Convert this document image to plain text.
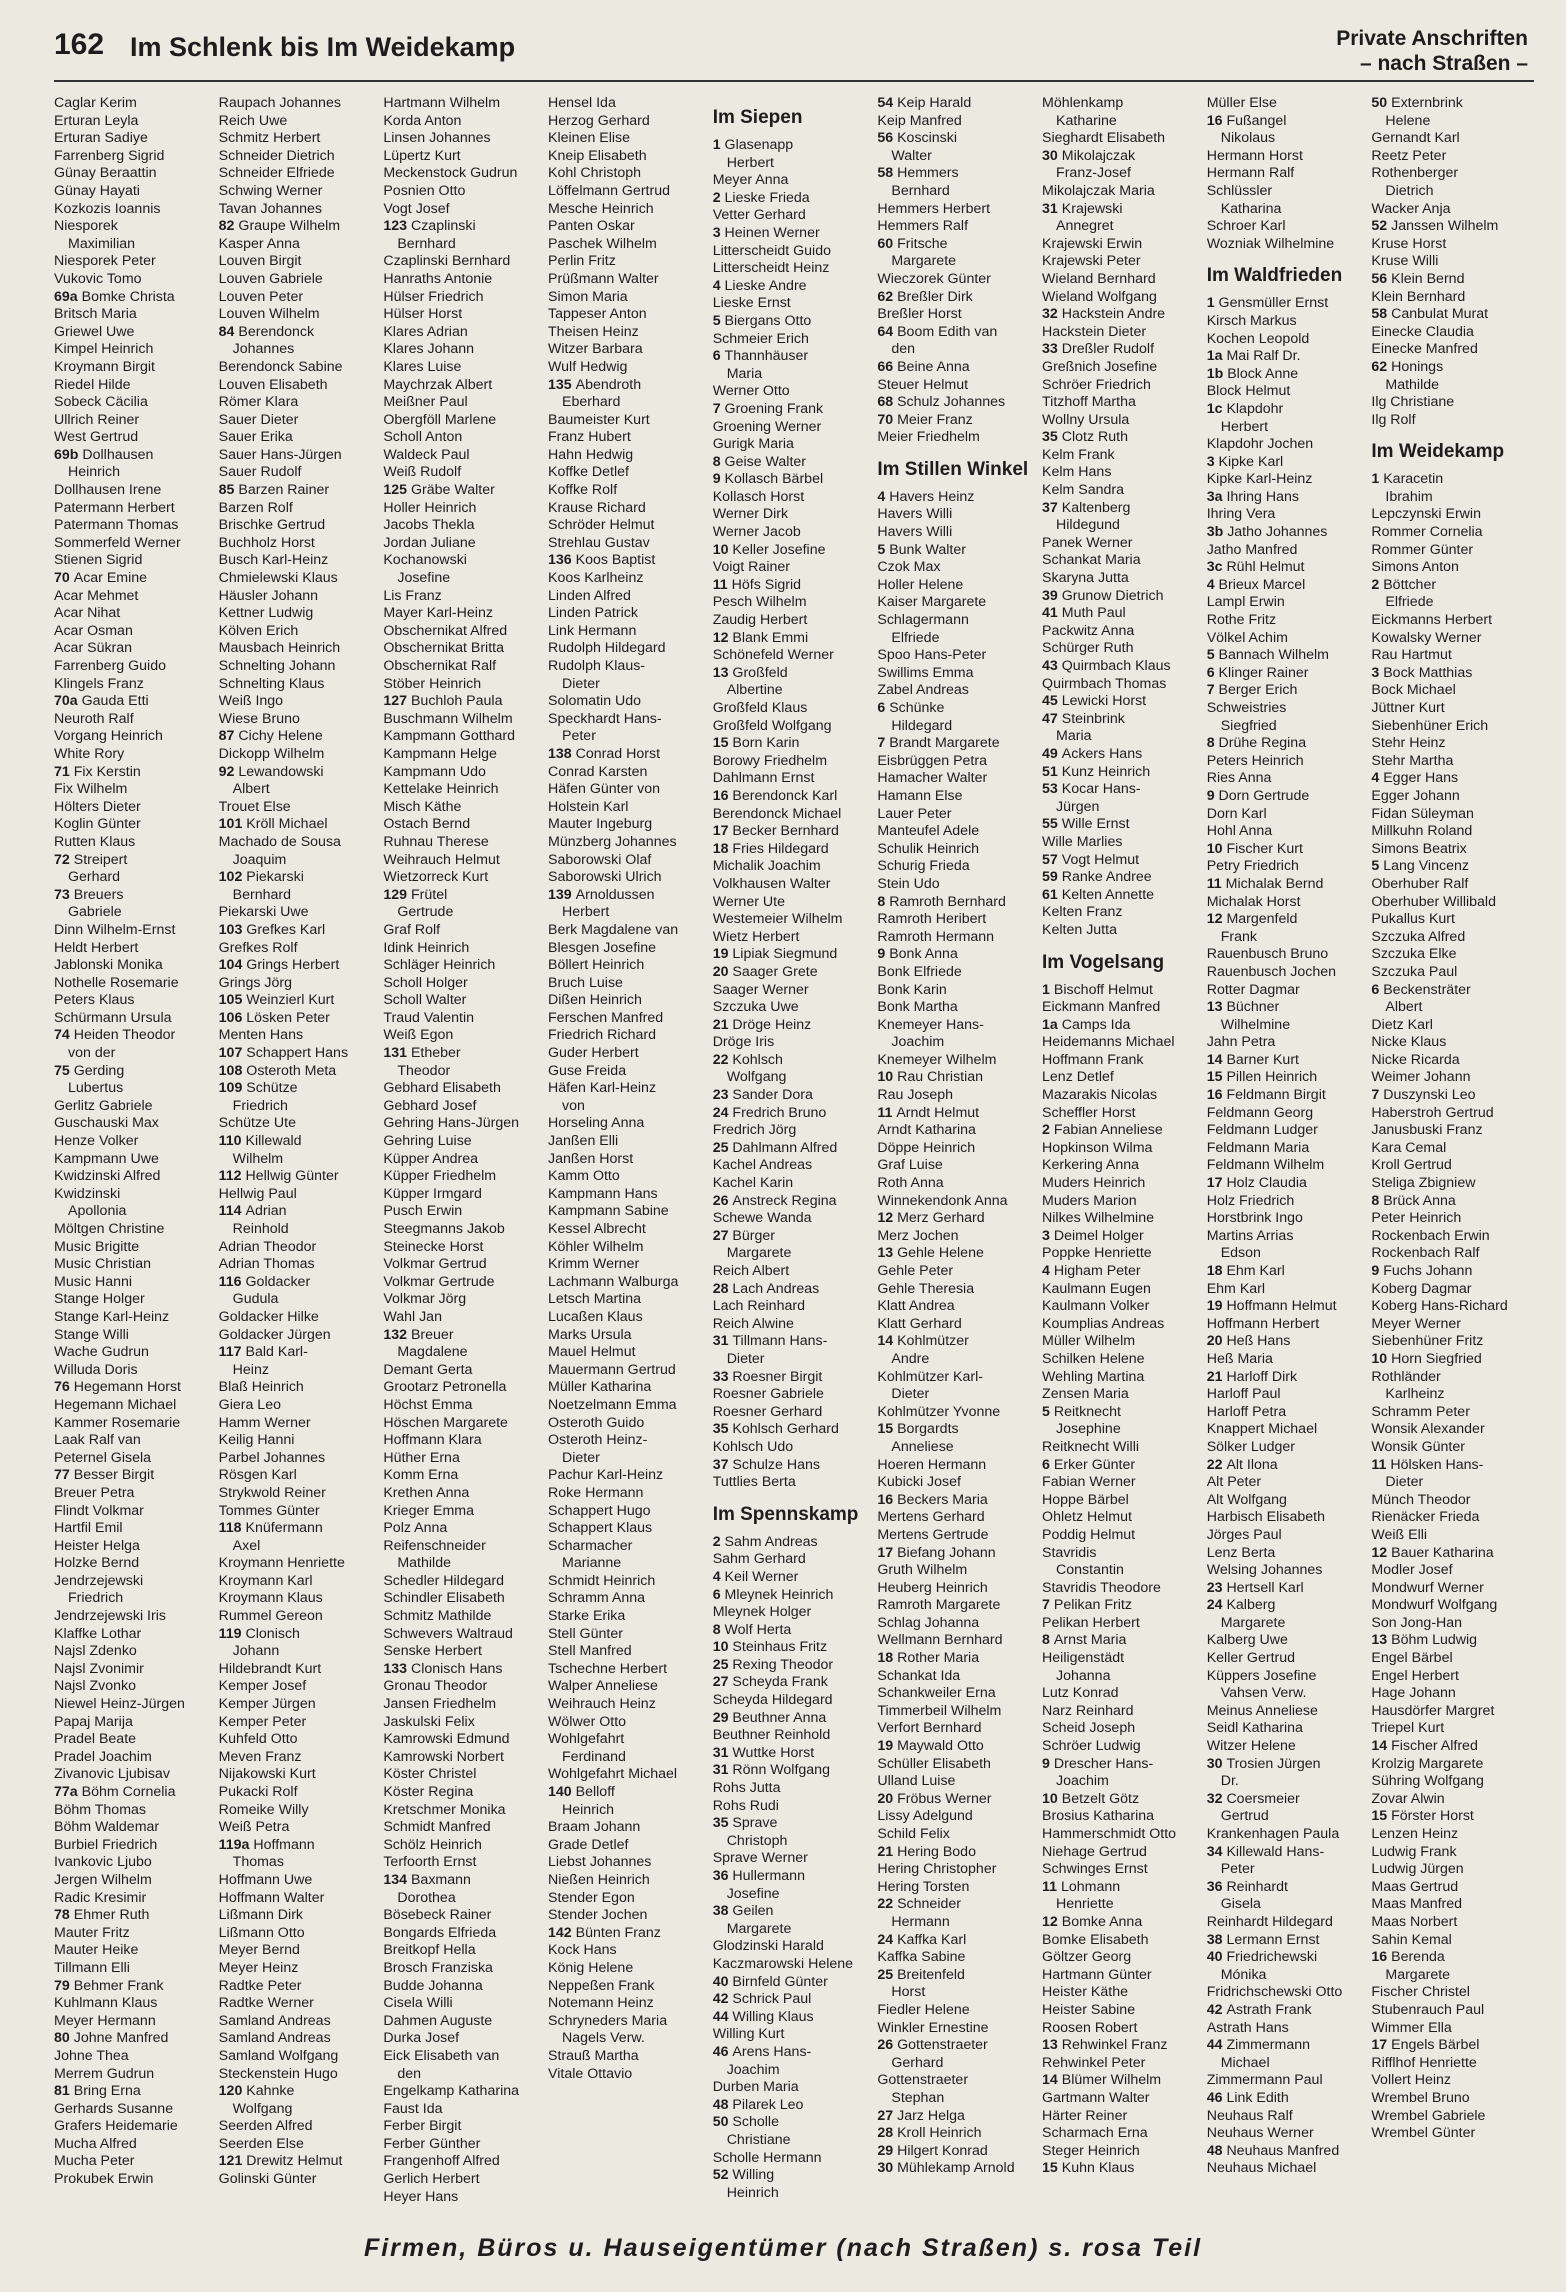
162 Im Schlenk bis Im Weidekamp	Private Anschriften
– nach Straßen –
Caglar Kerim
Erturan Leyla
Erturan Sadiye
Farrenberg Sigrid
Günay Beraattin
Günay Hayati
Kozkozis Ioannis
Niesporek
Maximilian
Niesporek Peter
Vukovic Tomo
69a Bomke Christa
Britsch Maria
Griewel Uwe
Kimpel Heinrich
Kroymann Birgit
Riedel Hilde
Sobeck Cäcilia
Ullrich Reiner
West Gertrud
69b Dollhausen
Heinrich
Dollhausen Irene
Patermann Herbert
Patermann Thomas
Sommerfeld Werner
Stienen Sigrid
70 Acar Emine
Acar Mehmet
Acar Nihat
Acar Osman
Acar Sükran
Farrenberg Guido
Klingels Franz
70a Gauda Etti
Neuroth Ralf
Vorgang Heinrich
White Rory
71 Fix Kerstin
Fix Wilhelm
Hölters Dieter
Koglin Günter
Rutten Klaus
72 Streipert
Gerhard
73 Breuers
Gabriele
Dinn Wilhelm-Ernst
Heldt Herbert
Jablonski Monika
Nothelle Rosemarie
Peters Klaus
Schürmann Ursula
74 Heiden Theodor
von der
75 Gerding
Lubertus
Gerlitz Gabriele
Guschauski Max
Henze Volker
Kampmann Uwe
Kwidzinski Alfred
Kwidzinski
Apollonia
Möltgen Christine
Music Brigitte
Music Christian
Music Hanni
Stange Holger
Stange Karl-Heinz
Stange Willi
Wache Gudrun
Willuda Doris
76 Hegemann Horst
Hegemann Michael
Kammer Rosemarie
Laak Ralf van
Peternel Gisela
77 Besser Birgit
Breuer Petra
Flindt Volkmar
Hartfil Emil
Heister Helga
Holzke Bernd
Jendrzejewski
Friedrich
Jendrzejewski Iris
Klaffke Lothar
Najsl Zdenko
Najsl Zvonimir
Najsl Zvonko
Niewel Heinz-Jürgen
Papaj Marija
Pradel Beate
Pradel Joachim
Zivanovic Ljubisav
77a Böhm Cornelia
Böhm Thomas
Böhm Waldemar
Burbiel Friedrich
Ivankovic Ljubo
Jergen Wilhelm
Radic Kresimir
78 Ehmer Ruth
Mauter Fritz
Mauter Heike
Tillmann Elli
79 Behmer Frank
Kuhlmann Klaus
Meyer Hermann
80 Johne Manfred
Johne Thea
Merrem Gudrun
81 Bring Erna
Gerhards Susanne
Grafers Heidemarie
Mucha Alfred
Mucha Peter
Prokubek Erwin
Raupach Johannes
Reich Uwe
Schmitz Herbert
Schneider Dietrich
Schneider Elfriede
Schwing Werner
Tavan Johannes
82 Graupe Wilhelm
Kasper Anna
Louven Birgit
Louven Gabriele
Louven Peter
Louven Wilhelm
84 Berendonck
Johannes
Berendonck Sabine
Louven Elisabeth
Römer Klara
Sauer Dieter
Sauer Erika
Sauer Hans-Jürgen
Sauer Rudolf
85 Barzen Rainer
Barzen Rolf
Brischke Gertrud
Buchholz Horst
Busch Karl-Heinz
Chmielewski Klaus
Häusler Johann
Kettner Ludwig
Kölven Erich
Mausbach Heinrich
Schnelting Johann
Schnelting Klaus
Weiß Ingo
Wiese Bruno
87 Cichy Helene
Dickopp Wilhelm
92 Lewandowski
Albert
Trouet Else
101 Kröll Michael
Machado de Sousa
Joaquim
102 Piekarski
Bernhard
Piekarski Uwe
103 Grefkes Karl
Grefkes Rolf
104 Grings Herbert
Grings Jörg
105 Weinzierl Kurt
106 Lösken Peter
Menten Hans
107 Schappert Hans
108 Osteroth Meta
109 Schütze
Friedrich
Schütze Ute
110 Killewald
Wilhelm
112 Hellwig Günter
Hellwig Paul
114 Adrian
Reinhold
Adrian Theodor
Adrian Thomas
116 Goldacker
Gudula
Goldacker Hilke
Goldacker Jürgen
117 Bald Karl-
Heinz
Blaß Heinrich
Giera Leo
Hamm Werner
Keilig Hanni
Parbel Johannes
Rösgen Karl
Strykwold Reiner
Tommes Günter
118 Knüfermann
Axel
Kroymann Henriette
Kroymann Karl
Kroymann Klaus
Rummel Gereon
119 Clonisch
Johann
Hildebrandt Kurt
Kemper Josef
Kemper Jürgen
Kemper Peter
Kuhfeld Otto
Meven Franz
Nijakowski Kurt
Pukacki Rolf
Romeike Willy
Weiß Petra
119a Hoffmann
Thomas
Hoffmann Uwe
Hoffmann Walter
Lißmann Dirk
Lißmann Otto
Meyer Bernd
Meyer Heinz
Radtke Peter
Radtke Werner
Samland Andreas
Samland Andreas
Samland Wolfgang
Steckenstein Hugo
120 Kahnke
Wolfgang
Seerden Alfred
Seerden Else
121 Drewitz Helmut
Golinski Günter
Hartmann Wilhelm
Korda Anton
Linsen Johannes
Lüpertz Kurt
Meckenstock Gudrun
Posnien Otto
Vogt Josef
123 Czaplinski
Bernhard
Czaplinski Bernhard
Hanraths Antonie
Hülser Friedrich
Hülser Horst
Klares Adrian
Klares Johann
Klares Luise
Maychrzak Albert
Meißner Paul
Obergföll Marlene
Scholl Anton
Waldeck Paul
Weiß Rudolf
125 Gräbe Walter
Holler Heinrich
Jacobs Thekla
Jordan Juliane
Kochanowski
Josefine
Lis Franz
Mayer Karl-Heinz
Obschernikat Alfred
Obschernikat Britta
Obschernikat Ralf
Stöber Heinrich
127 Buchloh Paula
Buschmann Wilhelm
Kampmann Gotthard
Kampmann Helge
Kampmann Udo
Kettelake Heinrich
Misch Käthe
Ostach Bernd
Ruhnau Therese
Weihrauch Helmut
Wietzorreck Kurt
129 Frütel
Gertrude
Graf Rolf
Idink Heinrich
Schläger Heinrich
Scholl Holger
Scholl Walter
Traud Valentin
Weiß Egon
131 Etheber
Theodor
Gebhard Elisabeth
Gebhard Josef
Gehring Hans-Jürgen
Gehring Luise
Küpper Andrea
Küpper Friedhelm
Küpper Irmgard
Pusch Erwin
Steegmanns Jakob
Steinecke Horst
Volkmar Gertrud
Volkmar Gertrude
Volkmar Jörg
Wahl Jan
132 Breuer
Magdalene
Demant Gerta
Grootarz Petronella
Höchst Emma
Höschen Margarete
Hoffmann Klara
Hüther Erna
Komm Erna
Krethen Anna
Krieger Emma
Polz Anna
Reifenschneider
Mathilde
Schedler Hildegard
Schindler Elisabeth
Schmitz Mathilde
Schwevers Waltraud
Senske Herbert
133 Clonisch Hans
Gronau Theodor
Jansen Friedhelm
Jaskulski Felix
Kamrowski Edmund
Kamrowski Norbert
Köster Christel
Köster Regina
Kretschmer Monika
Schmidt Manfred
Schölz Heinrich
Terfoorth Ernst
134 Baxmann
Dorothea
Bösebeck Rainer
Bongards Elfrieda
Breitkopf Hella
Brosch Franziska
Budde Johanna
Cisela Willi
Dahmen Auguste
Durka Josef
Eick Elisabeth van
den
Engelkamp Katharina
Faust Ida
Ferber Birgit
Ferber Günther
Frangenhoff Alfred
Gerlich Herbert
Heyer Hans
Hensel Ida
Herzog Gerhard
Kleinen Elise
Kneip Elisabeth
Kohl Christoph
Löffelmann Gertrud
Mesche Heinrich
Panten Oskar
Paschek Wilhelm
Perlin Fritz
Prüßmann Walter
Simon Maria
Tappeser Anton
Theisen Heinz
Witzer Barbara
Wulf Hedwig
135 Abendroth
Eberhard
Baumeister Kurt
Franz Hubert
Hahn Hedwig
Koffke Detlef
Koffke Rolf
Krause Richard
Schröder Helmut
Strehlau Gustav
136 Koos Baptist
Koos Karlheinz
Linden Alfred
Linden Patrick
Link Hermann
Rudolph Hildegard
Rudolph Klaus-
Dieter
Solomatin Udo
Speckhardt Hans-
Peter
138 Conrad Horst
Conrad Karsten
Häfen Günter von
Holstein Karl
Mauter Ingeburg
Münzberg Johannes
Saborowski Olaf
Saborowski Ulrich
139 Arnoldussen
Herbert
Berk Magdalene van
Blesgen Josefine
Böllert Heinrich
Bruch Luise
Dißen Heinrich
Ferschen Manfred
Friedrich Richard
Guder Herbert
Guse Freida
Häfen Karl-Heinz
von
Horseling Anna
Janßen Elli
Janßen Horst
Kamm Otto
Kampmann Hans
Kampmann Sabine
Kessel Albrecht
Köhler Wilhelm
Krimm Werner
Lachmann Walburga
Letsch Martina
Lucaßen Klaus
Marks Ursula
Mauel Helmut
Mauermann Gertrud
Müller Katharina
Noetzelmann Emma
Osteroth Guido
Osteroth Heinz-
Dieter
Pachur Karl-Heinz
Roke Hermann
Schappert Hugo
Schappert Klaus
Scharmacher
Marianne
Schmidt Heinrich
Schramm Anna
Starke Erika
Stell Günter
Stell Manfred
Tschechne Herbert
Walper Anneliese
Weihrauch Heinz
Wölwer Otto
Wohlgefahrt
Ferdinand
Wohlgefahrt Michael
140 Belloff
Heinrich
Braam Johann
Grade Detlef
Liebst Johannes
Nießen Heinrich
Stender Egon
Stender Jochen
142 Bünten Franz
Kock Hans
König Helene
Neppeßen Frank
Notemann Heinz
Schryneders Maria
Nagels Verw.
Strauß Martha
Vitale Ottavio
Im Siepen
1 Glasenapp
Herbert
Meyer Anna
2 Lieske Frieda
Vetter Gerhard
3 Heinen Werner
Litterscheidt Guido
Litterscheidt Heinz
4 Lieske Andre
Lieske Ernst
5 Biergans Otto
Schmeier Erich
6 Thannhäuser
Maria
Werner Otto
7 Groening Frank
Groening Werner
Gurigk Maria
8 Geise Walter
9 Kollasch Bärbel
Kollasch Horst
Werner Dirk
Werner Jacob
10 Keller Josefine
Voigt Rainer
11 Höfs Sigrid
Pesch Wilhelm
Zaudig Herbert
12 Blank Emmi
Schönefeld Werner
13 Großfeld
Albertine
Großfeld Klaus
Großfeld Wolfgang
15 Born Karin
Borowy Friedhelm
Dahlmann Ernst
16 Berendonck Karl
Berendonck Michael
17 Becker Bernhard
18 Fries Hildegard
Michalik Joachim
Volkhausen Walter
Werner Ute
Westemeier Wilhelm
Wietz Herbert
19 Lipiak Siegmund
20 Saager Grete
Saager Werner
Szczuka Uwe
21 Dröge Heinz
Dröge Iris
22 Kohlsch
Wolfgang
23 Sander Dora
24 Fredrich Bruno
Fredrich Jörg
25 Dahlmann Alfred
Kachel Andreas
Kachel Karin
26 Anstreck Regina
Schewe Wanda
27 Bürger
Margarete
Reich Albert
28 Lach Andreas
Lach Reinhard
Reich Alwine
31 Tillmann Hans-
Dieter
33 Roesner Birgit
Roesner Gabriele
Roesner Gerhard
35 Kohlsch Gerhard
Kohlsch Udo
37 Schulze Hans
Tuttlies Berta
Im Spennskamp
2 Sahm Andreas
Sahm Gerhard
4 Keil Werner
6 Mleynek Heinrich
Mleynek Holger
8 Wolf Herta
10 Steinhaus Fritz
25 Rexing Theodor
27 Scheyda Frank
Scheyda Hildegard
29 Beuthner Anna
Beuthner Reinhold
31 Wuttke Horst
31 Rönn Wolfgang
Rohs Jutta
Rohs Rudi
35 Sprave
Christoph
Sprave Werner
36 Hullermann
Josefine
38 Geilen
Margarete
Glodzinski Harald
Kaczmarowski Helene
40 Birnfeld Günter
42 Schrick Paul
44 Willing Klaus
Willing Kurt
46 Arens Hans-
Joachim
Durben Maria
48 Pilarek Leo
50 Scholle
Christiane
Scholle Hermann
52 Willing
Heinrich
54 Keip Harald
Keip Manfred
56 Koscinski
Walter
58 Hemmers
Bernhard
Hemmers Herbert
Hemmers Ralf
60 Fritsche
Margarete
Wieczorek Günter
62 Breßler Dirk
Breßler Horst
64 Boom Edith van
den
66 Beine Anna
Steuer Helmut
68 Schulz Johannes
70 Meier Franz
Meier Friedhelm
Im Stillen Winkel
4 Havers Heinz
Havers Willi
Havers Willi
5 Bunk Walter
Czok Max
Holler Helene
Kaiser Margarete
Schlagermann
Elfriede
Spoo Hans-Peter
Swillims Emma
Zabel Andreas
6 Schünke
Hildegard
7 Brandt Margarete
Eisbrüggen Petra
Hamacher Walter
Hamann Else
Lauer Peter
Manteufel Adele
Schulik Heinrich
Schurig Frieda
Stein Udo
8 Ramroth Bernhard
Ramroth Heribert
Ramroth Hermann
9 Bonk Anna
Bonk Elfriede
Bonk Karin
Bonk Martha
Knemeyer Hans-
Joachim
Knemeyer Wilhelm
10 Rau Christian
Rau Joseph
11 Arndt Helmut
Arndt Katharina
Döppe Heinrich
Graf Luise
Roth Anna
Winnekendonk Anna
12 Merz Gerhard
Merz Jochen
13 Gehle Helene
Gehle Peter
Gehle Theresia
Klatt Andrea
Klatt Gerhard
14 Kohlmützer
Andre
Kohlmützer Karl-
Dieter
Kohlmützer Yvonne
15 Borgardts
Anneliese
Hoeren Hermann
Kubicki Josef
16 Beckers Maria
Mertens Gerhard
Mertens Gertrude
17 Biefang Johann
Gruth Wilhelm
Heuberg Heinrich
Ramroth Margarete
Schlag Johanna
Wellmann Bernhard
18 Rother Maria
Schankat Ida
Schankweiler Erna
Timmerbeil Wilhelm
Verfort Bernhard
19 Maywald Otto
Schüller Elisabeth
Ulland Luise
20 Fröbus Werner
Lissy Adelgund
Schild Felix
21 Hering Bodo
Hering Christopher
Hering Torsten
22 Schneider
Hermann
24 Kaffka Karl
Kaffka Sabine
25 Breitenfeld
Horst
Fiedler Helene
Winkler Ernestine
26 Gottenstraeter
Gerhard
Gottenstraeter
Stephan
27 Jarz Helga
28 Kroll Heinrich
29 Hilgert Konrad
30 Mühlekamp Arnold
Möhlenkamp
Katharine
Sieghardt Elisabeth
30 Mikolajczak
Franz-Josef
Mikolajczak Maria
31 Krajewski
Annegret
Krajewski Erwin
Krajewski Peter
Wieland Bernhard
Wieland Wolfgang
32 Hackstein Andre
Hackstein Dieter
33 Dreßler Rudolf
Greßnich Josefine
Schröer Friedrich
Titzhoff Martha
Wollny Ursula
35 Clotz Ruth
Kelm Frank
Kelm Hans
Kelm Sandra
37 Kaltenberg
Hildegund
Panek Werner
Schankat Maria
Skaryna Jutta
39 Grunow Dietrich
41 Muth Paul
Packwitz Anna
Schürger Ruth
43 Quirmbach Klaus
Quirmbach Thomas
45 Lewicki Horst
47 Steinbrink
Maria
49 Ackers Hans
51 Kunz Heinrich
53 Kocar Hans-
Jürgen
55 Wille Ernst
Wille Marlies
57 Vogt Helmut
59 Ranke Andree
61 Kelten Annette
Kelten Franz
Kelten Jutta
Im Vogelsang
1 Bischoff Helmut
Eickmann Manfred
1a Camps Ida
Heidemanns Michael
Hoffmann Frank
Lenz Detlef
Mazarakis Nicolas
Scheffler Horst
2 Fabian Anneliese
Hopkinson Wilma
Kerkering Anna
Muders Heinrich
Muders Marion
Nilkes Wilhelmine
3 Deimel Holger
Poppke Henriette
4 Higham Peter
Kaulmann Eugen
Kaulmann Volker
Koumplias Andreas
Müller Wilhelm
Schilken Helene
Wehling Martina
Zensen Maria
5 Reitknecht
Josephine
Reitknecht Willi
6 Erker Günter
Fabian Werner
Hoppe Bärbel
Ohletz Helmut
Poddig Helmut
Stavridis
Constantin
Stavridis Theodore
7 Pelikan Fritz
Pelikan Herbert
8 Arnst Maria
Heiligenstädt
Johanna
Lutz Konrad
Narz Reinhard
Scheid Joseph
Schröer Ludwig
9 Drescher Hans-
Joachim
10 Betzelt Götz
Brosius Katharina
Hammerschmidt Otto
Niehage Gertrud
Schwinges Ernst
11 Lohmann
Henriette
12 Bomke Anna
Bomke Elisabeth
Göltzer Georg
Hartmann Günter
Heister Käthe
Heister Sabine
Roosen Robert
13 Rehwinkel Franz
Rehwinkel Peter
14 Blümer Wilhelm
Gartmann Walter
Härter Reiner
Scharmach Erna
Steger Heinrich
15 Kuhn Klaus
Müller Else
16 Fußangel
Nikolaus
Hermann Horst
Hermann Ralf
Schlüssler
Katharina
Schroer Karl
Wozniak Wilhelmine
Im Waldfrieden
1 Gensmüller Ernst
Kirsch Markus
Kochen Leopold
1a Mai Ralf Dr.
1b Block Anne
Block Helmut
1c Klapdohr
Herbert
Klapdohr Jochen
3 Kipke Karl
Kipke Karl-Heinz
3a Ihring Hans
Ihring Vera
3b Jatho Johannes
Jatho Manfred
3c Rühl Helmut
4 Brieux Marcel
Lampl Erwin
Rothe Fritz
Völkel Achim
5 Bannach Wilhelm
6 Klinger Rainer
7 Berger Erich
Schweistries
Siegfried
8 Drühe Regina
Peters Heinrich
Ries Anna
9 Dorn Gertrude
Dorn Karl
Hohl Anna
10 Fischer Kurt
Petry Friedrich
11 Michalak Bernd
Michalak Horst
12 Margenfeld
Frank
Rauenbusch Bruno
Rauenbusch Jochen
Rotter Dagmar
13 Büchner
Wilhelmine
Jahn Petra
14 Barner Kurt
15 Pillen Heinrich
16 Feldmann Birgit
Feldmann Georg
Feldmann Ludger
Feldmann Maria
Feldmann Wilhelm
17 Holz Claudia
Holz Friedrich
Horstbrink Ingo
Martins Arrias
Edson
18 Ehm Karl
Ehm Karl
19 Hoffmann Helmut
Hoffmann Herbert
20 Heß Hans
Heß Maria
21 Harloff Dirk
Harloff Paul
Harloff Petra
Knappert Michael
Sölker Ludger
22 Alt Ilona
Alt Peter
Alt Wolfgang
Harbisch Elisabeth
Jörges Paul
Lenz Berta
Welsing Johannes
23 Hertsell Karl
24 Kalberg
Margarete
Kalberg Uwe
Keller Gertrud
Küppers Josefine
Vahsen Verw.
Meinus Anneliese
Seidl Katharina
Witzer Helene
30 Trosien Jürgen
Dr.
32 Coersmeier
Gertrud
Krankenhagen Paula
34 Killewald Hans-
Peter
36 Reinhardt
Gisela
Reinhardt Hildegard
38 Lermann Ernst
40 Friedrichewski
Mónika
Fridrichschewski Otto
42 Astrath Frank
Astrath Hans
44 Zimmermann
Michael
Zimmermann Paul
46 Link Edith
Neuhaus Ralf
Neuhaus Werner
48 Neuhaus Manfred
Neuhaus Michael
50 Externbrink
Helene
Gernandt Karl
Reetz Peter
Rothenberger
Dietrich
Wacker Anja
52 Janssen Wilhelm
Kruse Horst
Kruse Willi
56 Klein Bernd
Klein Bernhard
58 Canbulat Murat
Einecke Claudia
Einecke Manfred
62 Honings
Mathilde
Ilg Christiane
Ilg Rolf
Im Weidekamp
1 Karacetin
Ibrahim
Lepczynski Erwin
Rommer Cornelia
Rommer Günter
Simons Anton
2 Böttcher
Elfriede
Eickmanns Herbert
Kowalsky Werner
Rau Hartmut
3 Bock Matthias
Bock Michael
Jüttner Kurt
Siebenhüner Erich
Stehr Heinz
Stehr Martha
4 Egger Hans
Egger Johann
Fidan Süleyman
Millkuhn Roland
Simons Beatrix
5 Lang Vincenz
Oberhuber Ralf
Oberhuber Willibald
Pukallus Kurt
Szczuka Alfred
Szczuka Elke
Szczuka Paul
6 Beckensträter
Albert
Dietz Karl
Nicke Klaus
Nicke Ricarda
Weimer Johann
7 Duszynski Leo
Haberstroh Gertrud
Janusbuski Franz
Kara Cemal
Kroll Gertrud
Steliga Zbigniew
8 Brück Anna
Peter Heinrich
Rockenbach Erwin
Rockenbach Ralf
9 Fuchs Johann
Koberg Dagmar
Koberg Hans-Richard
Meyer Werner
Siebenhüner Fritz
10 Horn Siegfried
Rothländer
Karlheinz
Schramm Peter
Wonsik Alexander
Wonsik Günter
11 Hölsken Hans-
Dieter
Münch Theodor
Rienäcker Frieda
Weiß Elli
12 Bauer Katharina
Modler Josef
Mondwurf Werner
Mondwurf Wolfgang
Son Jong-Han
13 Böhm Ludwig
Engel Bärbel
Engel Herbert
Hage Johann
Hausdörfer Margret
Triepel Kurt
14 Fischer Alfred
Krolzig Margarete
Sühring Wolfgang
Zovar Alwin
15 Förster Horst
Lenzen Heinz
Ludwig Frank
Ludwig Jürgen
Maas Gertrud
Maas Manfred
Maas Norbert
Sahin Kemal
16 Berenda
Margarete
Fischer Christel
Stubenrauch Paul
Wimmer Ella
17 Engels Bärbel
Rifflhof Henriette
Vollert Heinz
Wrembel Bruno
Wrembel Gabriele
Wrembel Günter
Firmen, Büros u. Hauseigentümer (nach Straßen) s. rosa Teil
